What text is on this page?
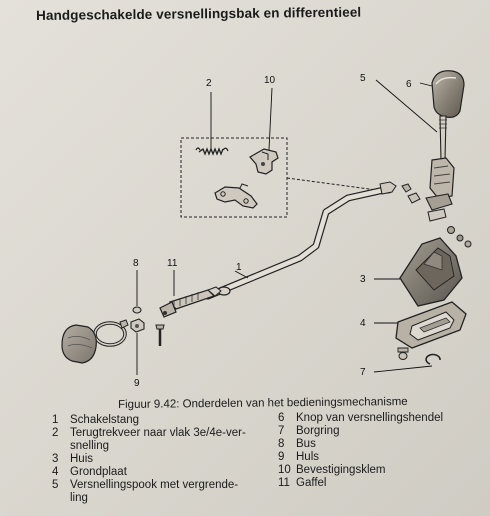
Handgeschakelde versnellingsbak en differentieel
2	10	5
6
1
8	11
9
3
4
7
Figuur 9.42: Onderdelen van het bedieningsmechanisme
1	Schakelstang
2	Terugtrekveer naar vlak 3e/4e-ver-
snelling
3	Huis
4	Grondplaat
5	Versnellingspook met vergrende-
ling
6	Knop van versnellingshendel
7	Borgring
8	Bus
9	Huls
10 Bevestigingsklem
11 Gaffel
